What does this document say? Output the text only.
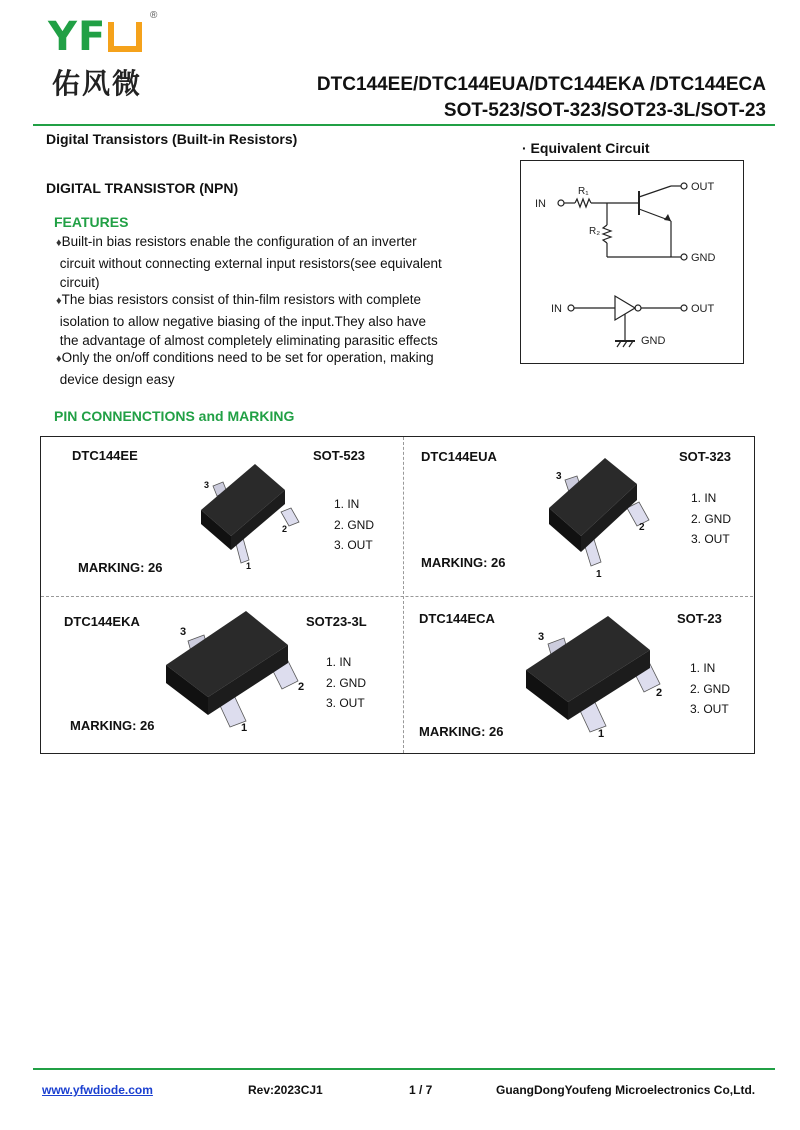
YF	®
佑风微	DTC144EE/DTC144EUA/DTC144EKA /DTC144ECA
SOT-523/SOT-323/SOT23-3L/SOT-23
Digital Transistors (Built-in Resistors)
DIGITAL TRANSISTOR (NPN)
FEATURES
♦Built-in bias resistors enable the configuration of an inverter
circuit without connecting external input resistors(see equivalent
circuit)
♦The bias resistors consist of thin-film resistors with complete
isolation to allow negative biasing of the input.They also have
the advantage of almost completely eliminating parasitic effects
♦Only the on/off conditions need to be set for operation, making
device design easy
· Equivalent Circuit
IN
R₁
R₂
OUT
GND
IN	OUT
GND
PIN CONNENCTIONS and MARKING
DTC144EE	SOT-523
3
2
1
1. IN
2. GND
3. OUT
MARKING: 26
DTC144EUA	SOT-323
3
2
1
1. IN
2. GND
3. OUT
MARKING: 26
DTC144EKA	SOT23-3L
3
2
1
1. IN
2. GND
3. OUT
MARKING: 26
DTC144ECA	SOT-23
3
2
1
1. IN
2. GND
3. OUT
MARKING: 26
www.yfwdiode.com	Rev:2023CJ1	1 / 7	GuangDongYoufeng Microelectronics Co,Ltd.
